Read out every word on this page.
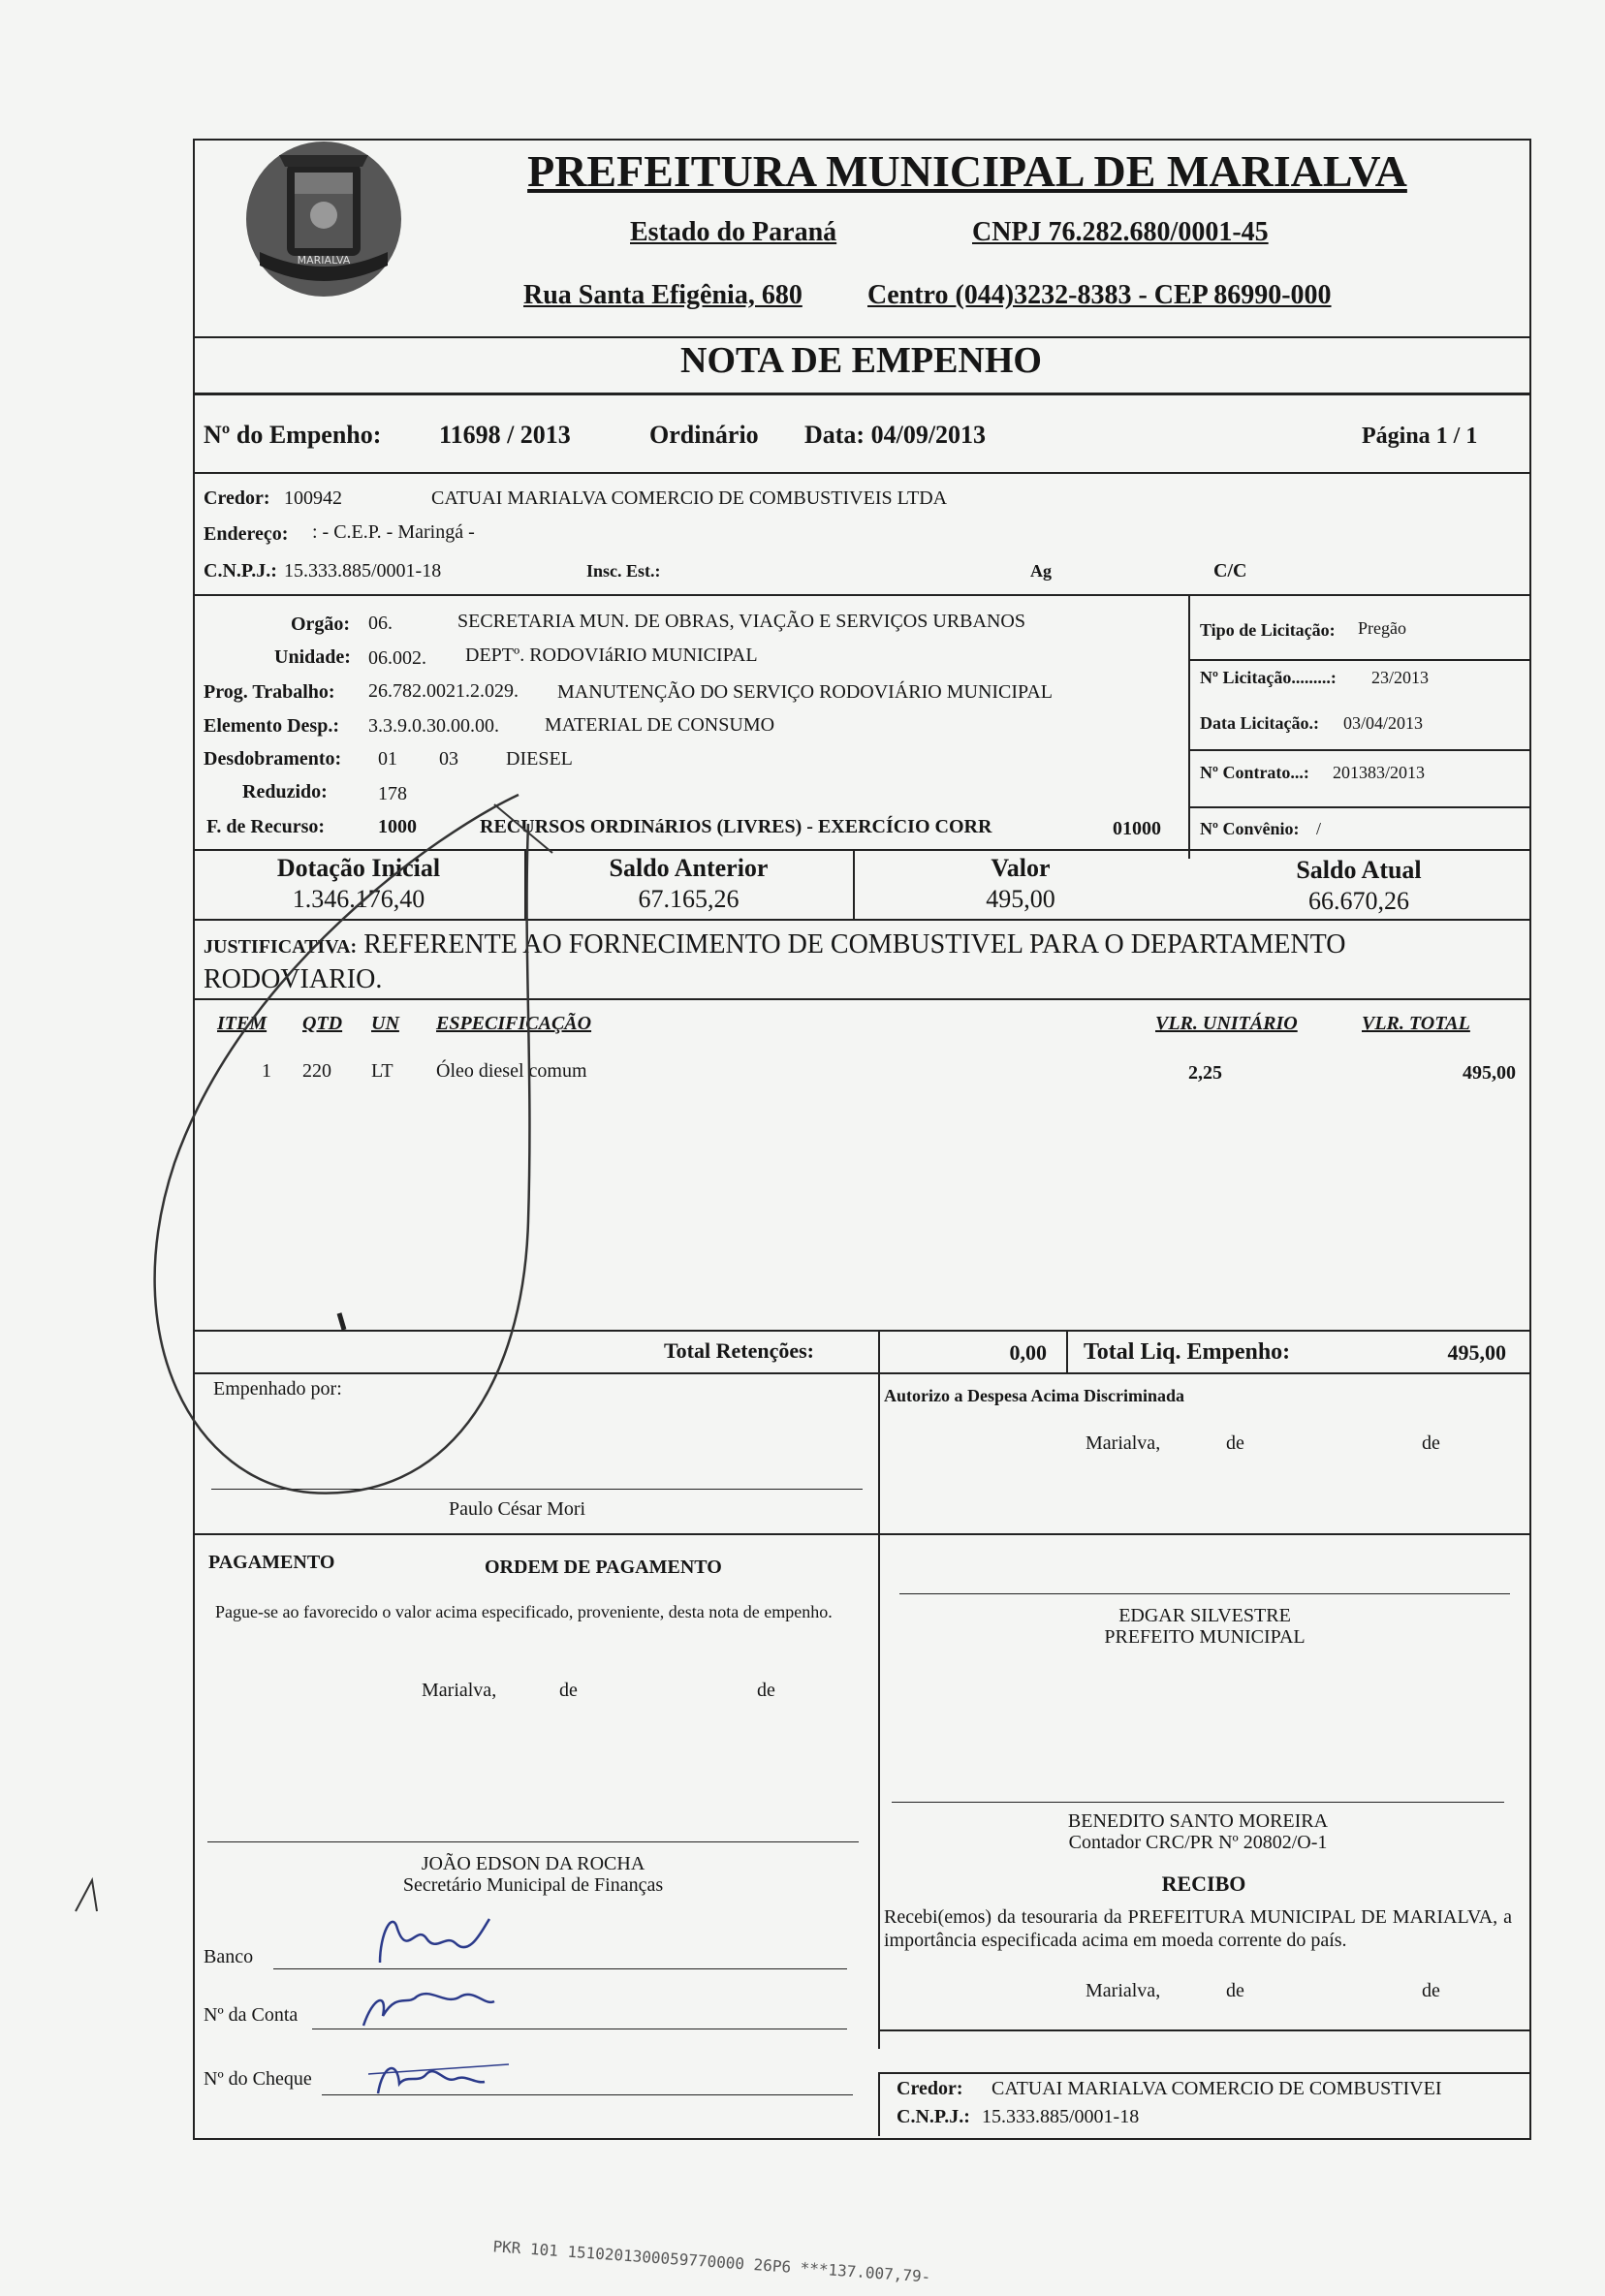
MARIALVA
PREFEITURA MUNICIPAL DE MARIALVA
Estado do Paraná	CNPJ 76.282.680/0001-45
Rua Santa Efigênia, 680 Centro (044)3232-8383 - CEP 86990-000
NOTA DE EMPENHO
Nº do Empenho: 11698 / 2013	Ordinário Data: 04/09/2013	Página 1 / 1
Credor: 100942	CATUAI MARIALVA COMERCIO DE COMBUSTIVEIS LTDA
Endereço: : - C.E.P. - Maringá -
C.N.P.J.: 15.333.885/0001-18	Insc. Est.:	Ag	C/C
Orgão: 06.	SECRETARIA MUN. DE OBRAS, VIAÇÃO E SERVIÇOS URBANOS
Unidade: 06.002. DEPTº. RODOVIáRIO MUNICIPAL
Prog. Trabalho: 26.782.0021.2.029. MANUTENÇÃO DO SERVIÇO RODOVIÁRIO MUNICIPAL
Elemento Desp.: 3.3.9.0.30.00.00. MATERIAL DE CONSUMO
Desdobramento: 01 03 DIESEL
Reduzido:	178
F. de Recurso:	1000	RECURSOS ORDINáRIOS (LIVRES) - EXERCÍCIO CORR	01000
Tipo de Licitação: Pregão
Nº Licitação.........: 23/2013
Data Licitação.: 03/04/2013
Nº Contrato...: 201383/2013
Nº Convênio: /
Dotação Inicial
1.346.176,40
Saldo Anterior
67.165,26
Valor
495,00
Saldo Atual
66.670,26
JUSTIFICATIVA: REFERENTE AO FORNECIMENTO DE COMBUSTIVEL PARA O DEPARTAMENTO RODOVIARIO.
ITEM QTD UN ESPECIFICAÇÃO	VLR. UNITÁRIO	VLR. TOTAL
1 220 LT Óleo diesel comum	2,25	495,00
Total Retenções:	0,00 Total Liq. Empenho:	495,00
Empenhado por:
Paulo César Mori
Autorizo a Despesa Acima Discriminada
Marialva,	de	de
PAGAMENTO	ORDEM DE PAGAMENTO
Pague-se ao favorecido o valor acima especificado, proveniente, desta nota de empenho.
Marialva,	de	de
EDGAR SILVESTRE
PREFEITO MUNICIPAL
BENEDITO SANTO MOREIRA
Contador CRC/PR Nº 20802/O-1
JOÃO EDSON DA ROCHA
Secretário Municipal de Finanças	RECIBO
Recebi(emos) da tesouraria da PREFEITURA MUNICIPAL DE MARIALVA, a importância especificada acima em moeda corrente do país.
Marialva,	de	de
Credor: CATUAI MARIALVA COMERCIO DE COMBUSTIVEI
C.N.P.J.: 15.333.885/0001-18
Banco
Nº da Conta
Nº do Cheque
PKR 101 1510201300059770000 26P6 ***137.007,79-
